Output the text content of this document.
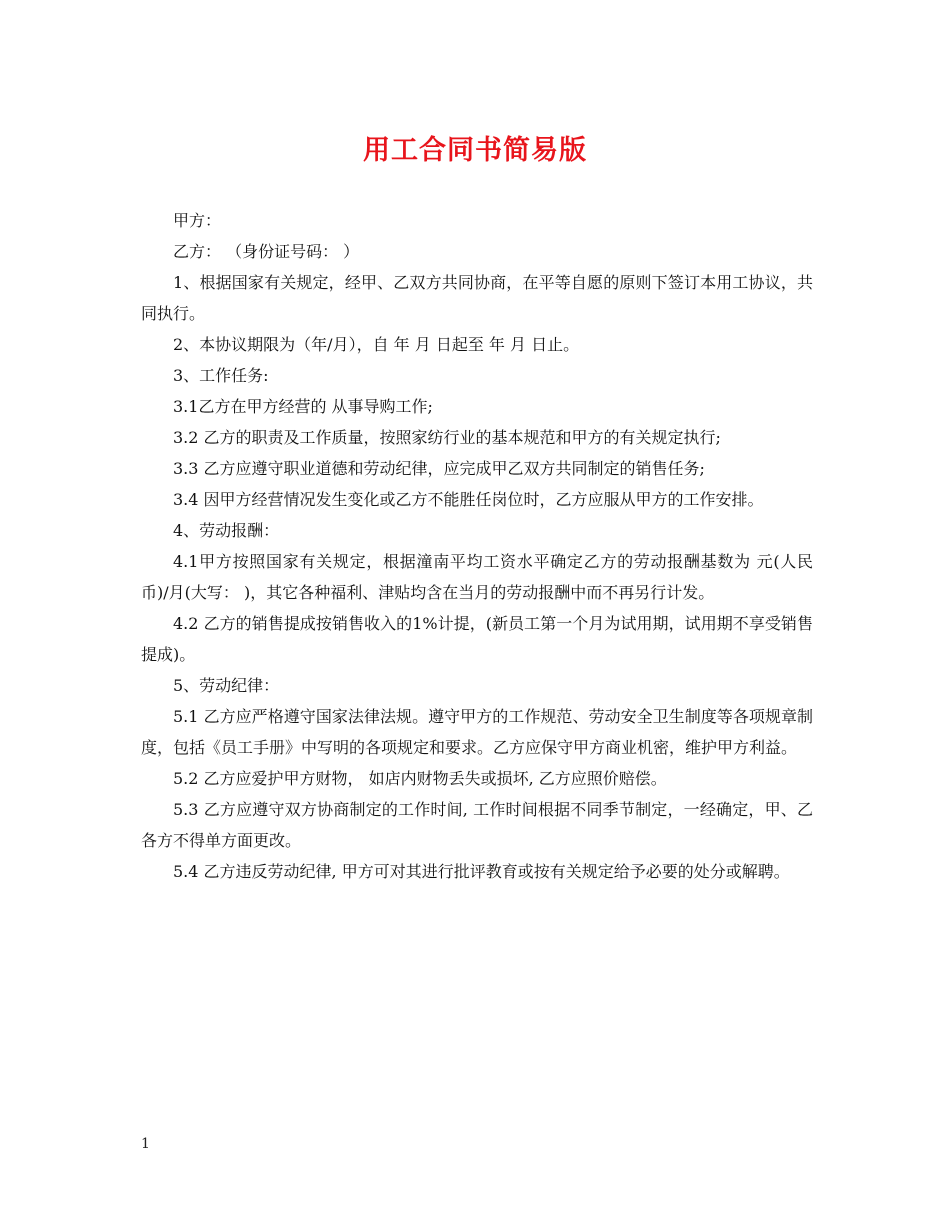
用工合同书简易版

甲方：

乙方： （身份证号码： ）

1、根据国家有关规定，经甲、乙双方共同协商，在平等自愿的原则下签订本用工协议，共同执行。

2、本协议期限为（年/月），自 年 月 日起至 年 月 日止。

3、工作任务:

3.1乙方在甲方经营的 从事导购工作;

3.2 乙方的职责及工作质量，按照家纺行业的基本规范和甲方的有关规定执行;

3.3 乙方应遵守职业道德和劳动纪律，应完成甲乙双方共同制定的销售任务;

3.4 因甲方经营情况发生变化或乙方不能胜任岗位时，乙方应服从甲方的工作安排。

4、劳动报酬：

4.1甲方按照国家有关规定，根据潼南平均工资水平确定乙方的劳动报酬基数为 元(人民币)/月(大写： )，其它各种福利、津贴均含在当月的劳动报酬中而不再另行计发。

4.2 乙方的销售提成按销售收入的1%计提，(新员工第一个月为试用期，试用期不享受销售提成)。

5、劳动纪律：

5.1 乙方应严格遵守国家法律法规。遵守甲方的工作规范、劳动安全卫生制度等各项规章制度，包括《员工手册》中写明的各项规定和要求。乙方应保守甲方商业机密，维护甲方利益。

5.2 乙方应爱护甲方财物， 如店内财物丢失或损坏, 乙方应照价赔偿。

5.3 乙方应遵守双方协商制定的工作时间, 工作时间根据不同季节制定，一经确定，甲、乙各方不得单方面更改。

5.4 乙方违反劳动纪律, 甲方可对其进行批评教育或按有关规定给予必要的处分或解聘。

1
